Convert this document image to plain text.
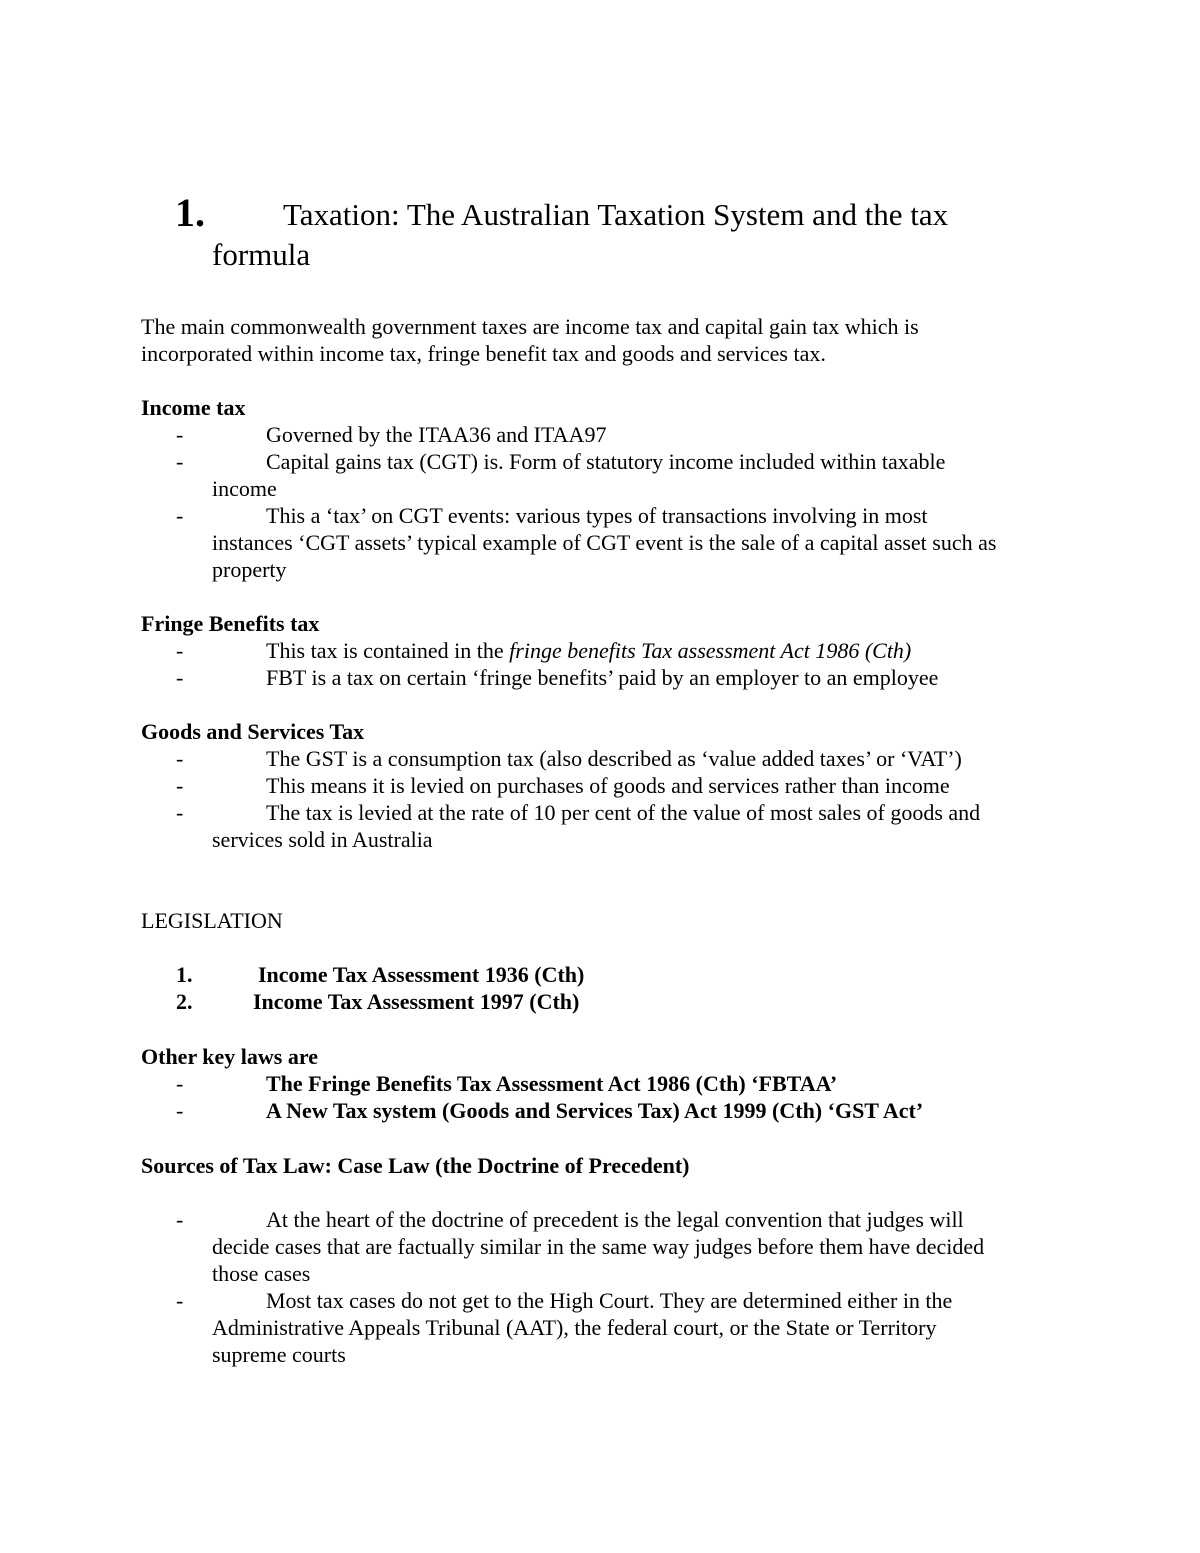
1.	Taxation: The Australian Taxation System and the tax
formula
The main commonwealth government taxes are income tax and capital gain tax which is
incorporated within income tax, fringe benefit tax and goods and services tax.
Income tax
-	Governed by the ITAA36 and ITAA97
-	Capital gains tax (CGT) is. Form of statutory income included within taxable
income
-	This a ‘tax’ on CGT events: various types of transactions involving in most
instances ‘CGT assets’ typical example of CGT event is the sale of a capital asset such as
property
Fringe Benefits tax
-	This tax is contained in the fringe benefits Tax assessment Act 1986 (Cth)
-	FBT is a tax on certain ‘fringe benefits’ paid by an employer to an employee
Goods and Services Tax
-	The GST is a consumption tax (also described as ‘value added taxes’ or ‘VAT’)
-	This means it is levied on purchases of goods and services rather than income
-	The tax is levied at the rate of 10 per cent of the value of most sales of goods and
services sold in Australia
LEGISLATION
1.	Income Tax Assessment 1936 (Cth)
2.	Income Tax Assessment 1997 (Cth)
Other key laws are
-	The Fringe Benefits Tax Assessment Act 1986 (Cth) ‘FBTAA’
-	A New Tax system (Goods and Services Tax) Act 1999 (Cth) ‘GST Act’
Sources of Tax Law: Case Law (the Doctrine of Precedent)
-	At the heart of the doctrine of precedent is the legal convention that judges will
decide cases that are factually similar in the same way judges before them have decided
those cases
-	Most tax cases do not get to the High Court. They are determined either in the
Administrative Appeals Tribunal (AAT), the federal court, or the State or Territory
supreme courts
